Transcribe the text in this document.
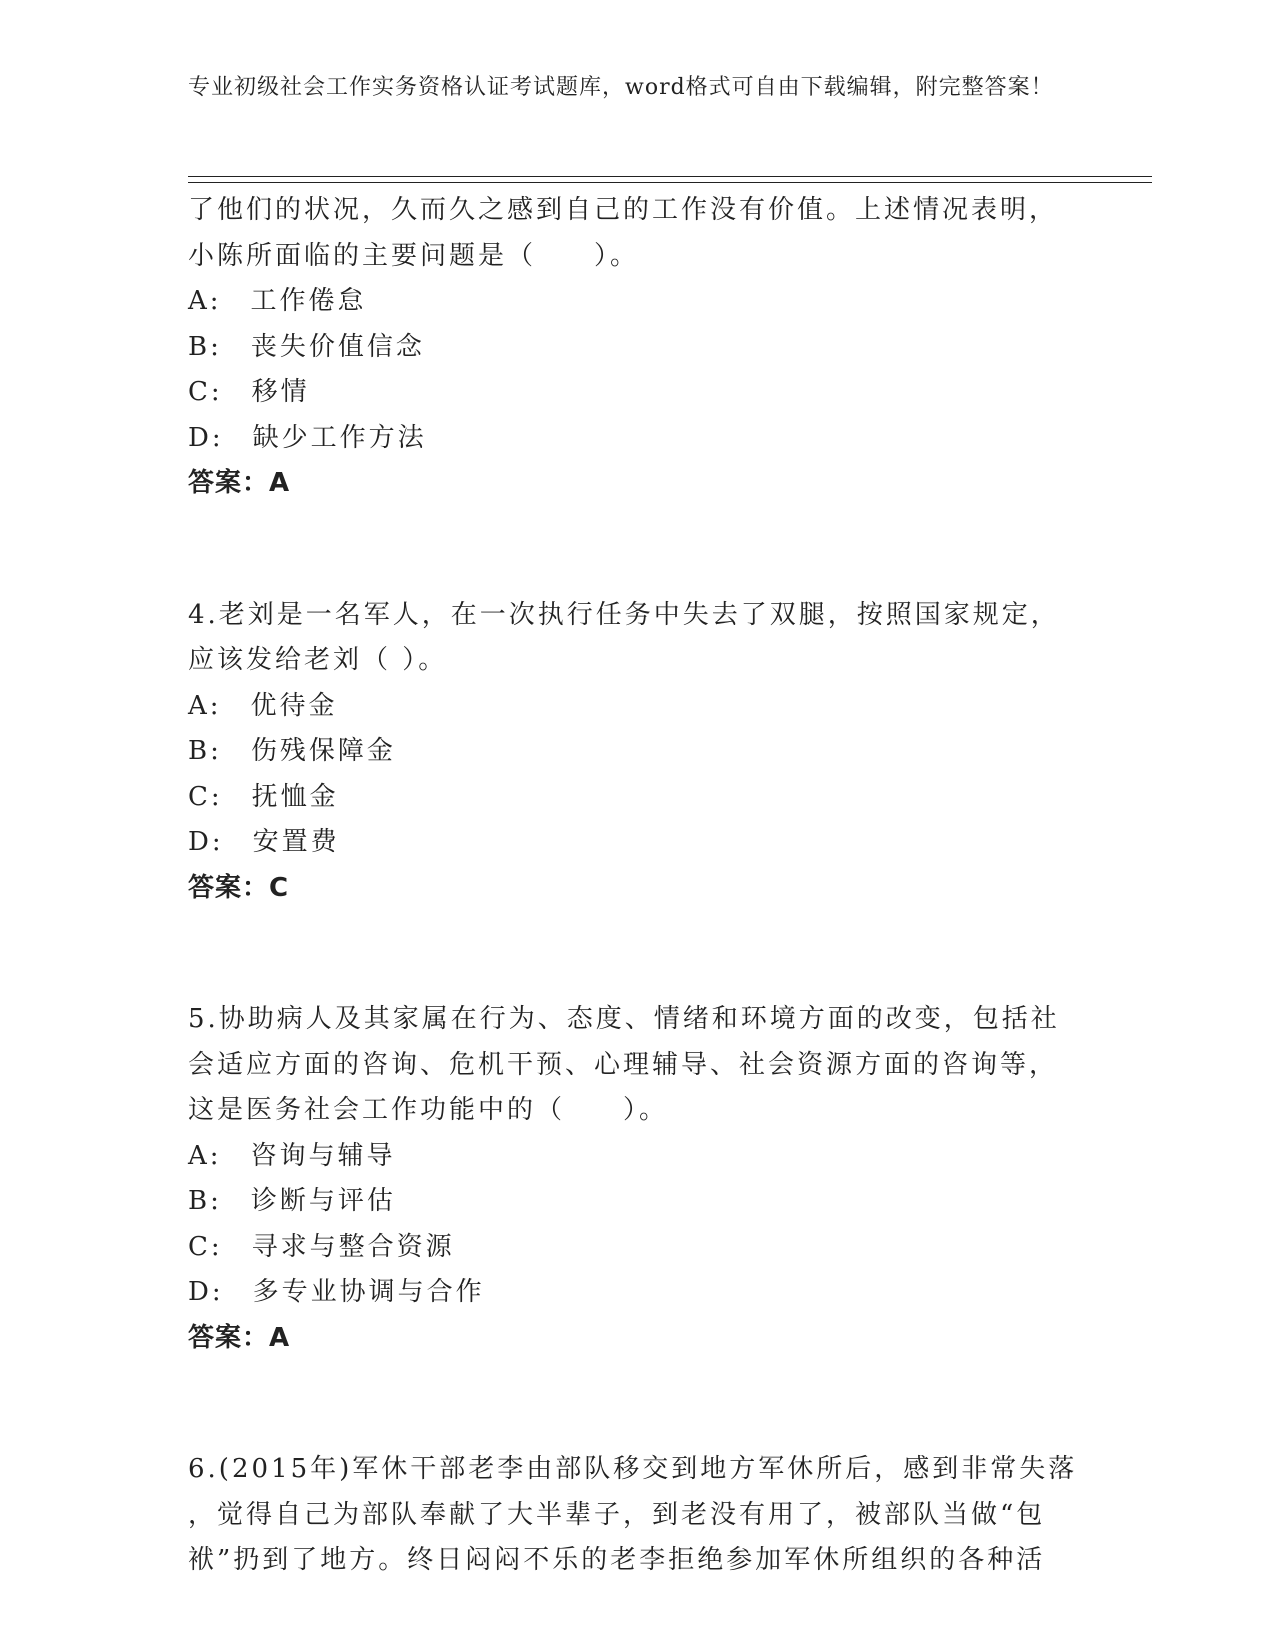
专业初级社会工作实务资格认证考试题库，word格式可自由下载编辑，附完整答案！
了他们的状况，久而久之感到自己的工作没有价值。上述情况表明，
小陈所面临的主要问题是（　　）。
A:　工作倦怠
B:　丧失价值信念
C:　移情
D:　缺少工作方法
答案：A
4.老刘是一名军人，在一次执行任务中失去了双腿，按照国家规定，
应该发给老刘（ ）。
A:　优待金
B:　伤残保障金
C:　抚恤金
D:　安置费
答案：C
5.协助病人及其家属在行为、态度、情绪和环境方面的改变，包括社
会适应方面的咨询、危机干预、心理辅导、社会资源方面的咨询等，
这是医务社会工作功能中的（　　）。
A:　咨询与辅导
B:　诊断与评估
C:　寻求与整合资源
D:　多专业协调与合作
答案：A
6.(2015年)军休干部老李由部队移交到地方军休所后，感到非常失落
，觉得自己为部队奉献了大半辈子，到老没有用了，被部队当做“包
袱”扔到了地方。终日闷闷不乐的老李拒绝参加军休所组织的各种活
